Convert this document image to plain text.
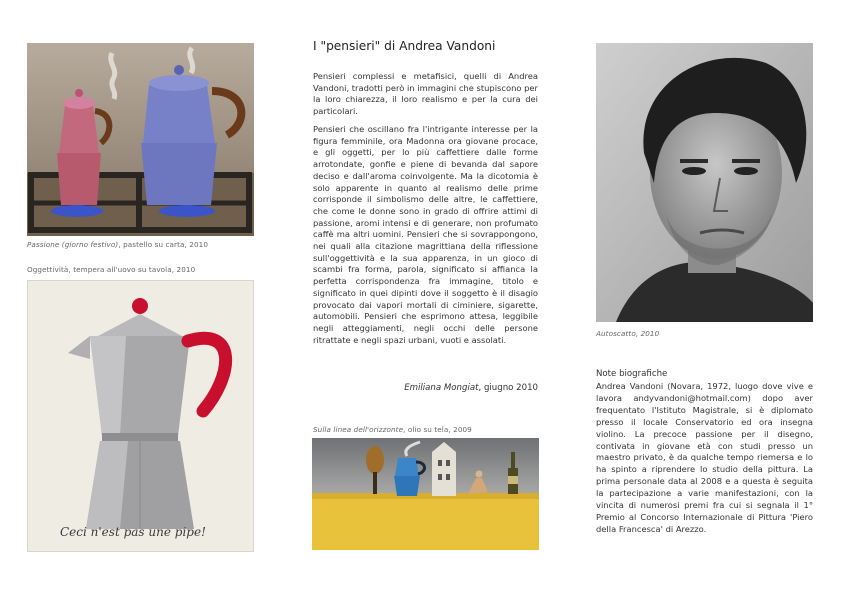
Passione (giorno festivo), pastello su carta, 2010
Oggettività, tempera all'uovo su tavola, 2010
Ceci n'est pas une pipe!
I "pensieri" di Andrea Vandoni
Pensieri complessi e metafisici, quelli di Andrea Vandoni, tradotti però in immagini che stupiscono per la loro chiarezza, il loro realismo e per la cura dei particolari.
Pensieri che oscillano fra l'intrigante interesse per la figura femminile, ora Madonna ora giovane procace, e gli oggetti, per lo più caffettiere dalle forme arrotondate, gonfie e piene di bevanda dal sapore deciso e dall'aroma coinvolgente. Ma la dicotomia è solo apparente in quanto al realismo delle prime corrisponde il simbolismo delle altre, le caffettiere, che come le donne sono in grado di offrire attimi di passione, aromi intensi e di generare, non profumato caffè ma altri uomini. Pensieri che si sovrappongono, nei quali alla citazione magrittiana della riflessione sull'oggettività e la sua apparenza, in un gioco di scambi fra forma, parola, significato si affianca la perfetta corrispondenza fra immagine, titolo e significato in quei dipinti dove il soggetto è il disagio provocato dai vapori mortali di ciminiere, sigarette, automobili. Pensieri che esprimono attesa, leggibile negli atteggiamenti, negli occhi delle persone ritrattate e negli spazi urbani, vuoti e assolati.
Emiliana Mongiat, giugno 2010
Sulla linea dell'orizzonte, olio su tela, 2009
Autoscatto, 2010
Note biografiche
Andrea Vandoni (Novara, 1972, luogo dove vive e lavora andyvandoni@hotmail.com) dopo aver frequentato l'Istituto Magistrale, si è diplomato presso il locale Conservatorio ed ora insegna violino. La precoce passione per il disegno, contivata in giovane età con studi presso un maestro privato, è da qualche tempo riemersa e lo ha spinto a riprendere lo studio della pittura. La prima personale data al 2008 e a questa è seguita la partecipazione a varie manifestazioni, con la vincita di numerosi premi fra cui si segnala il 1° Premio al Concorso Internazionale di Pittura 'Piero della Francesca' di Arezzo.
